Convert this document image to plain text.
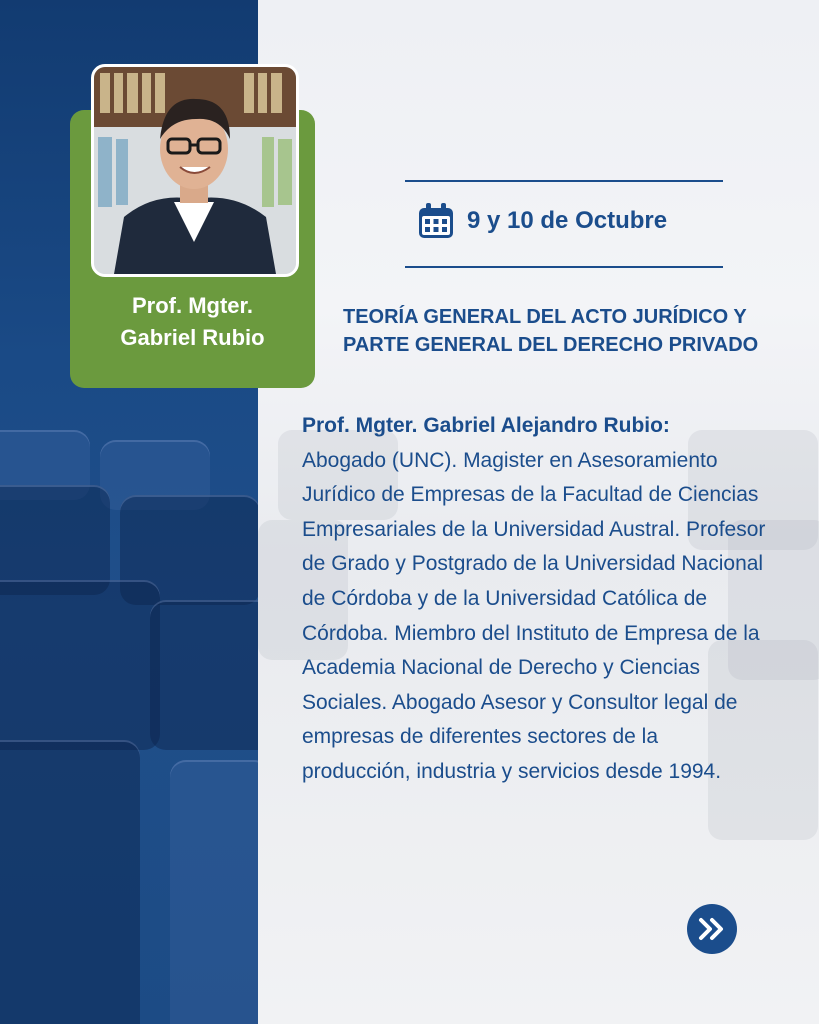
Prof. Mgter.
Gabriel Rubio
9 y 10 de Octubre
TEORÍA GENERAL DEL ACTO JURÍDICO Y
PARTE GENERAL DEL DERECHO PRIVADO
Prof. Mgter. Gabriel Alejandro Rubio:
Abogado (UNC). Magister en Asesoramiento Jurídico de Empresas de la Facultad de Ciencias Empresariales de la Universidad Austral. Profesor de Grado y Postgrado de la Universidad Nacional de Córdoba y de la Universidad Católica de Córdoba. Miembro del Instituto de Empresa de la Academia Nacional de Derecho y Ciencias Sociales. Abogado Asesor y Consultor legal de empresas de diferentes sectores de la producción, industria y servicios desde 1994.
